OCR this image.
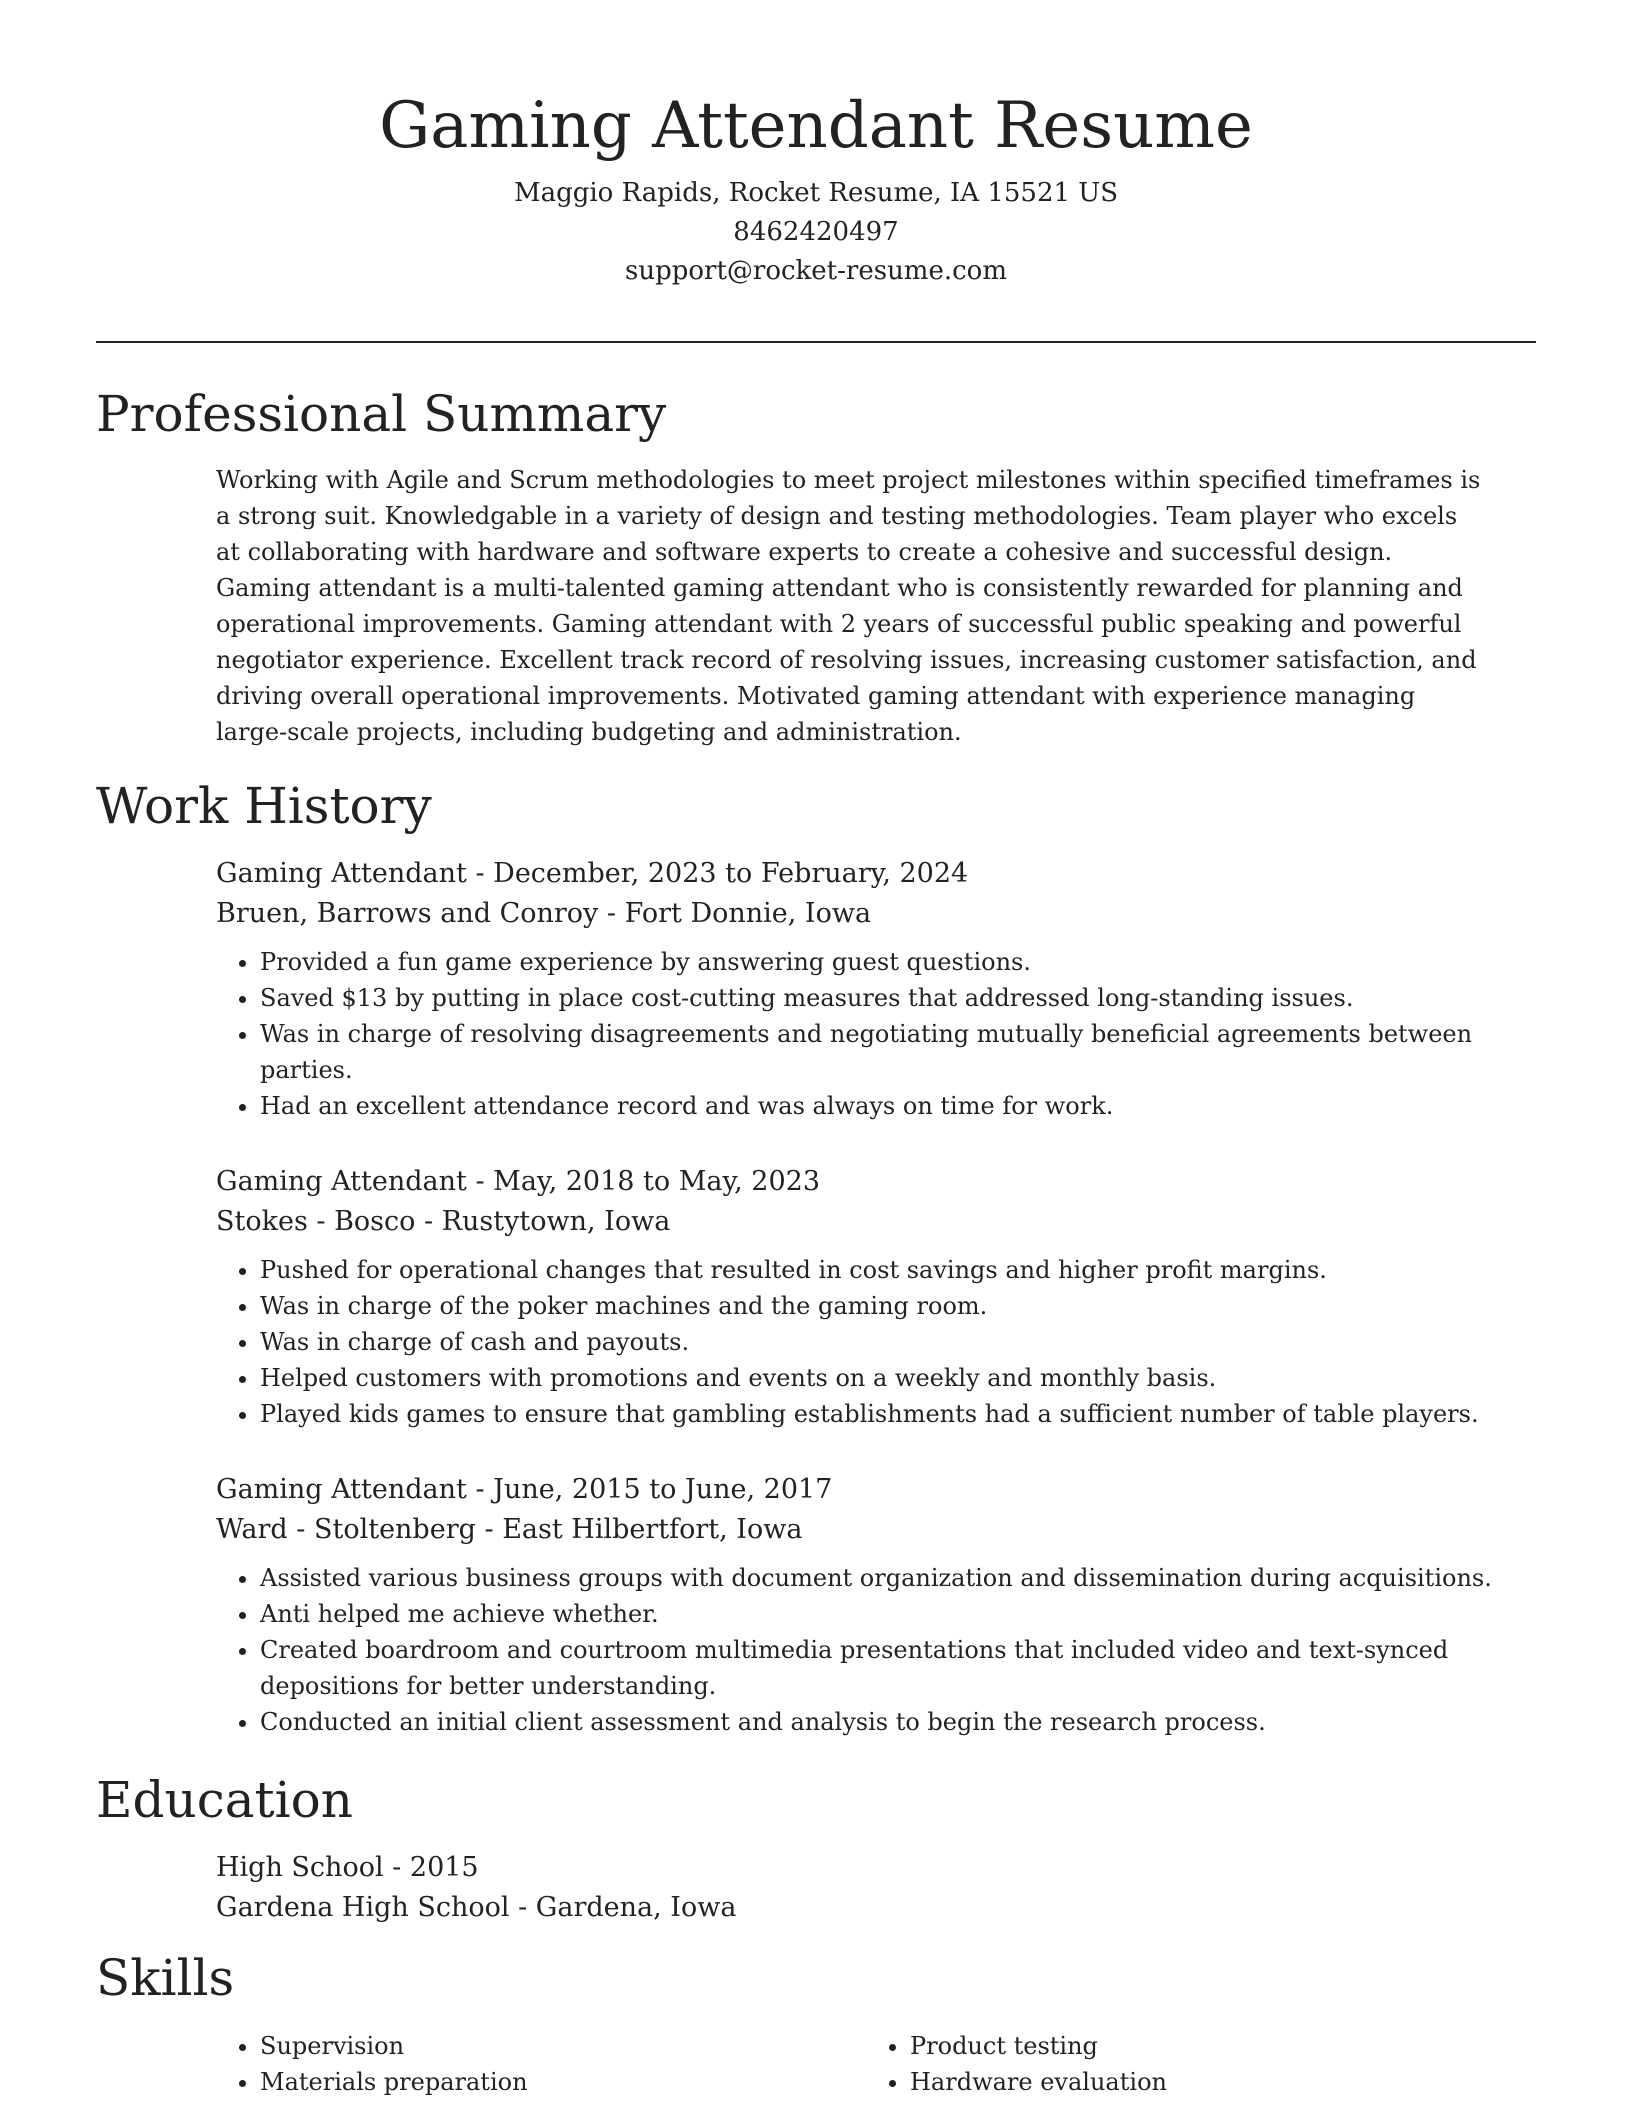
Gaming Attendant Resume

Maggio Rapids, Rocket Resume, IA 15521 US

8462420497

support@rocket-resume.com

Professional Summary

Working with Agile and Scrum methodologies to meet project milestones within specified timeframes is a strong suit. Knowledgable in a variety of design and testing methodologies. Team player who excels at collaborating with hardware and software experts to create a cohesive and successful design. Gaming attendant is a multi-talented gaming attendant who is consistently rewarded for planning and operational improvements. Gaming attendant with 2 years of successful public speaking and powerful negotiator experience. Excellent track record of resolving issues, increasing customer satisfaction, and driving overall operational improvements. Motivated gaming attendant with experience managing large-scale projects, including budgeting and administration.

Work History

Gaming Attendant - December, 2023 to February, 2024

Bruen, Barrows and Conroy - Fort Donnie, Iowa

• Provided a fun game experience by answering guest questions.
• Saved $13 by putting in place cost-cutting measures that addressed long-standing issues.
• Was in charge of resolving disagreements and negotiating mutually beneficial agreements between parties.
• Had an excellent attendance record and was always on time for work.

Gaming Attendant - May, 2018 to May, 2023

Stokes - Bosco - Rustytown, Iowa

• Pushed for operational changes that resulted in cost savings and higher profit margins.
• Was in charge of the poker machines and the gaming room.
• Was in charge of cash and payouts.
• Helped customers with promotions and events on a weekly and monthly basis.
• Played kids games to ensure that gambling establishments had a sufficient number of table players.

Gaming Attendant - June, 2015 to June, 2017

Ward - Stoltenberg - East Hilbertfort, Iowa

• Assisted various business groups with document organization and dissemination during acquisitions.
• Anti helped me achieve whether.
• Created boardroom and courtroom multimedia presentations that included video and text-synced depositions for better understanding.
• Conducted an initial client assessment and analysis to begin the research process.
Education

High School - 2015

Gardena High School - Gardena, Iowa

Skills
• Supervision
• Materials preparation
• Product testing
• Hardware evaluation
